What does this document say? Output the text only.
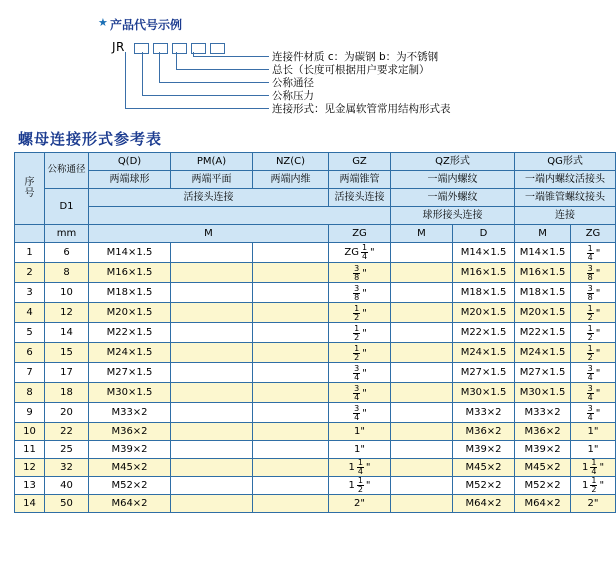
★ 产品代号示例
JR
连接件材质 c：为碳钢 b：为不锈钢
总长（长度可根据用户要求定制）
公称通径
公称压力
连接形式：见金属软管常用结构形式表
螺母连接形式参考表
序
号	公称通径	Q(D)	PM(A)	NZ(C)	GZ	QZ形式		QG形式	
		两端球形	两端平面	两端内维	两端锥管	一端内螺纹		一端内螺纹活接头	
	D1	活接头连接			活接头连接	一端外螺纹		一端锥管螺纹接头	
						球形接头连接		连接	
	mm	M			ZG	M	D	M	ZG
1	6	M14×1.5			ZG $\frac{1}{4}$ "		M14×1.5	M14×1.5	$\frac{1}{4}$ "
2	8	M16×1.5			$\frac{3}{8}$ "		M16×1.5	M16×1.5	$\frac{3}{8}$ "
3	10	M18×1.5			$\frac{3}{8}$ "		M18×1.5	M18×1.5	$\frac{3}{8}$ "
4	12	M20×1.5			$\frac{1}{2}$ "		M20×1.5	M20×1.5	$\frac{1}{2}$ "
5	14	M22×1.5			$\frac{1}{2}$ "		M22×1.5	M22×1.5	$\frac{1}{2}$ "
6	15	M24×1.5			$\frac{1}{2}$ "		M24×1.5	M24×1.5	$\frac{1}{2}$ "
7	17	M27×1.5			$\frac{3}{4}$ "		M27×1.5	M27×1.5	$\frac{3}{4}$ "
8	18	M30×1.5			$\frac{3}{4}$ "		M30×1.5	M30×1.5	$\frac{3}{4}$ "
9	20	M33×2			$\frac{3}{4}$ "		M33×2	M33×2	$\frac{3}{4}$ "
10	22	M36×2			1"		M36×2	M36×2	1"
11	25	M39×2			1"		M39×2	M39×2	1"
12	32	M45×2			$1 \frac{1}{4}$ "		M45×2	M45×2	$1 \frac{1}{4}$ "
13	40	M52×2			$1 \frac{1}{2}$ "		M52×2	M52×2	$1 \frac{1}{2}$ "
14	50	M64×2			2"		M64×2	M64×2	2"
